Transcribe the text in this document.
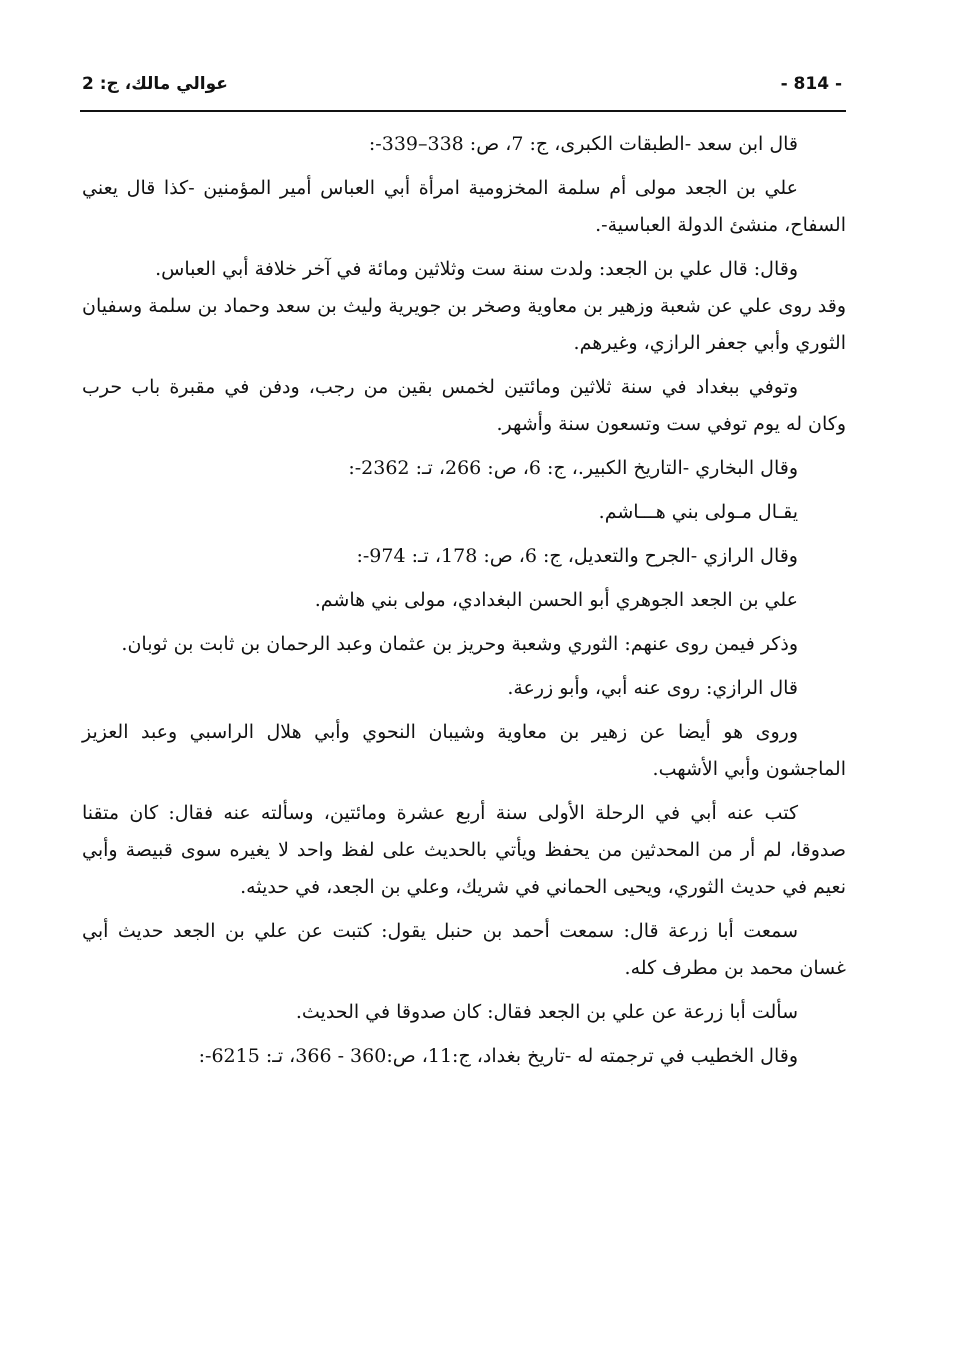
- 814 -
عوالي مالك، ج: 2

قال ابن سعد -الطبقات الكبرى، ج: 7، ص: 338–339-:

علي بن الجعد مولى أم سلمة المخزومية امرأة أبي العباس أمير المؤمنين -كذا قال يعني السفاح، منشئ الدولة العباسية-.

وقال: قال علي بن الجعد: ولدت سنة ست وثلاثين ومائة في آخر خلافة أبي العباس.

وقد روى علي عن شعبة وزهير بن معاوية وصخر بن جويرية وليث بن سعد وحماد بن سلمة وسفيان الثوري وأبي جعفر الرازي، وغيرهم.

وتوفي ببغداد في سنة ثلاثين ومائتين لخمس بقين من رجب، ودفن في مقبرة باب حرب وكان له يوم توفي ست وتسعون سنة وأشهر.

وقال البخاري -التاريخ الكبير.، ج: 6، ص: 266، تـ: 2362-:

يقـال مـولى بني هـــاشم.

وقال الرازي -الجرح والتعديل، ج: 6، ص: 178، تـ: 974-:

علي بن الجعد الجوهري أبو الحسن البغدادي، مولى بني هاشم.

وذكر فيمن روى عنهم: الثوري وشعبة وحريز بن عثمان وعبد الرحمان بن ثابت بن ثوبان.

قال الرازي: روى عنه أبي، وأبو زرعة.

وروى هو أيضا عن زهير بن معاوية وشيبان النحوي وأبي هلال الراسبي وعبد العزيز الماجشون وأبي الأشهب.

كتب عنه أبي في الرحلة الأولى سنة أربع عشرة ومائتين، وسألته عنه فقال: كان متقنا صدوقا، لم أر من المحدثين من يحفظ ويأتي بالحديث على لفظ واحد لا يغيره سوى قبيصة وأبي نعيم في حديث الثوري، ويحيى الحماني في شريك، وعلي بن الجعد، في حديثه.

سمعت أبا زرعة قال: سمعت أحمد بن حنبل يقول: كتبت عن علي بن الجعد حديث أبي غسان محمد بن مطرف كله.

سألت أبا زرعة عن علي بن الجعد فقال: كان صدوقا في الحديث.

وقال الخطيب في ترجمته له -تاريخ بغداد، ج:11، ص:360 - 366، تـ: 6215-:
